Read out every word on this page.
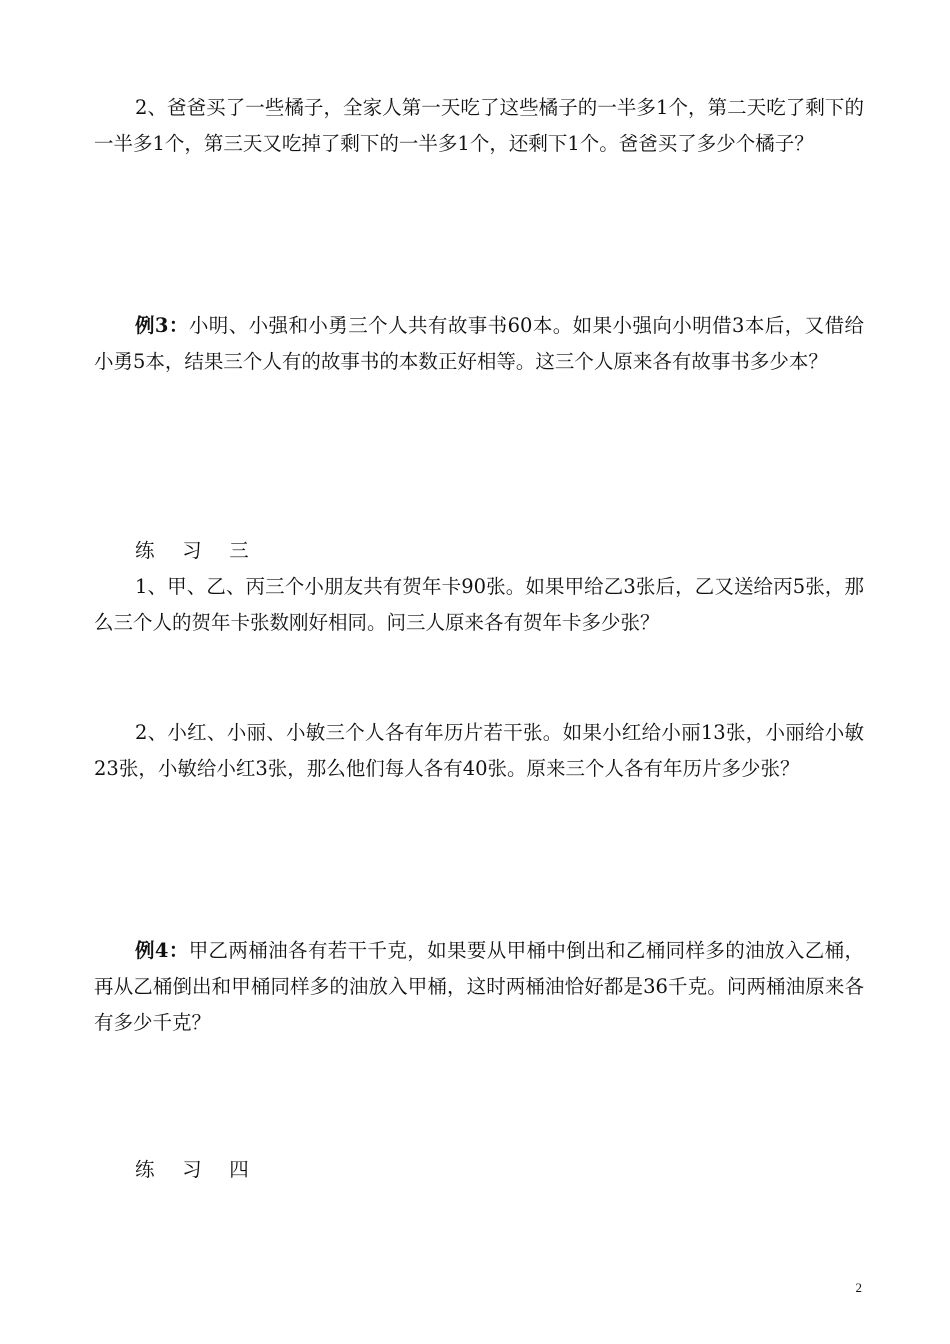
2、爸爸买了一些橘子，全家人第一天吃了这些橘子的一半多1个，第二天吃了剩下的一半多1个，第三天又吃掉了剩下的一半多1个，还剩下1个。爸爸买了多少个橘子？

例3：小明、小强和小勇三个人共有故事书60本。如果小强向小明借3本后，又借给小勇5本，结果三个人有的故事书的本数正好相等。这三个人原来各有故事书多少本？

练 习 三

1、甲、乙、丙三个小朋友共有贺年卡90张。如果甲给乙3张后，乙又送给丙5张，那么三个人的贺年卡张数刚好相同。问三人原来各有贺年卡多少张？

2、小红、小丽、小敏三个人各有年历片若干张。如果小红给小丽13张，小丽给小敏23张，小敏给小红3张，那么他们每人各有40张。原来三个人各有年历片多少张？

例4：甲乙两桶油各有若干千克，如果要从甲桶中倒出和乙桶同样多的油放入乙桶，再从乙桶倒出和甲桶同样多的油放入甲桶，这时两桶油恰好都是36千克。问两桶油原来各有多少千克？

练 习 四

2
